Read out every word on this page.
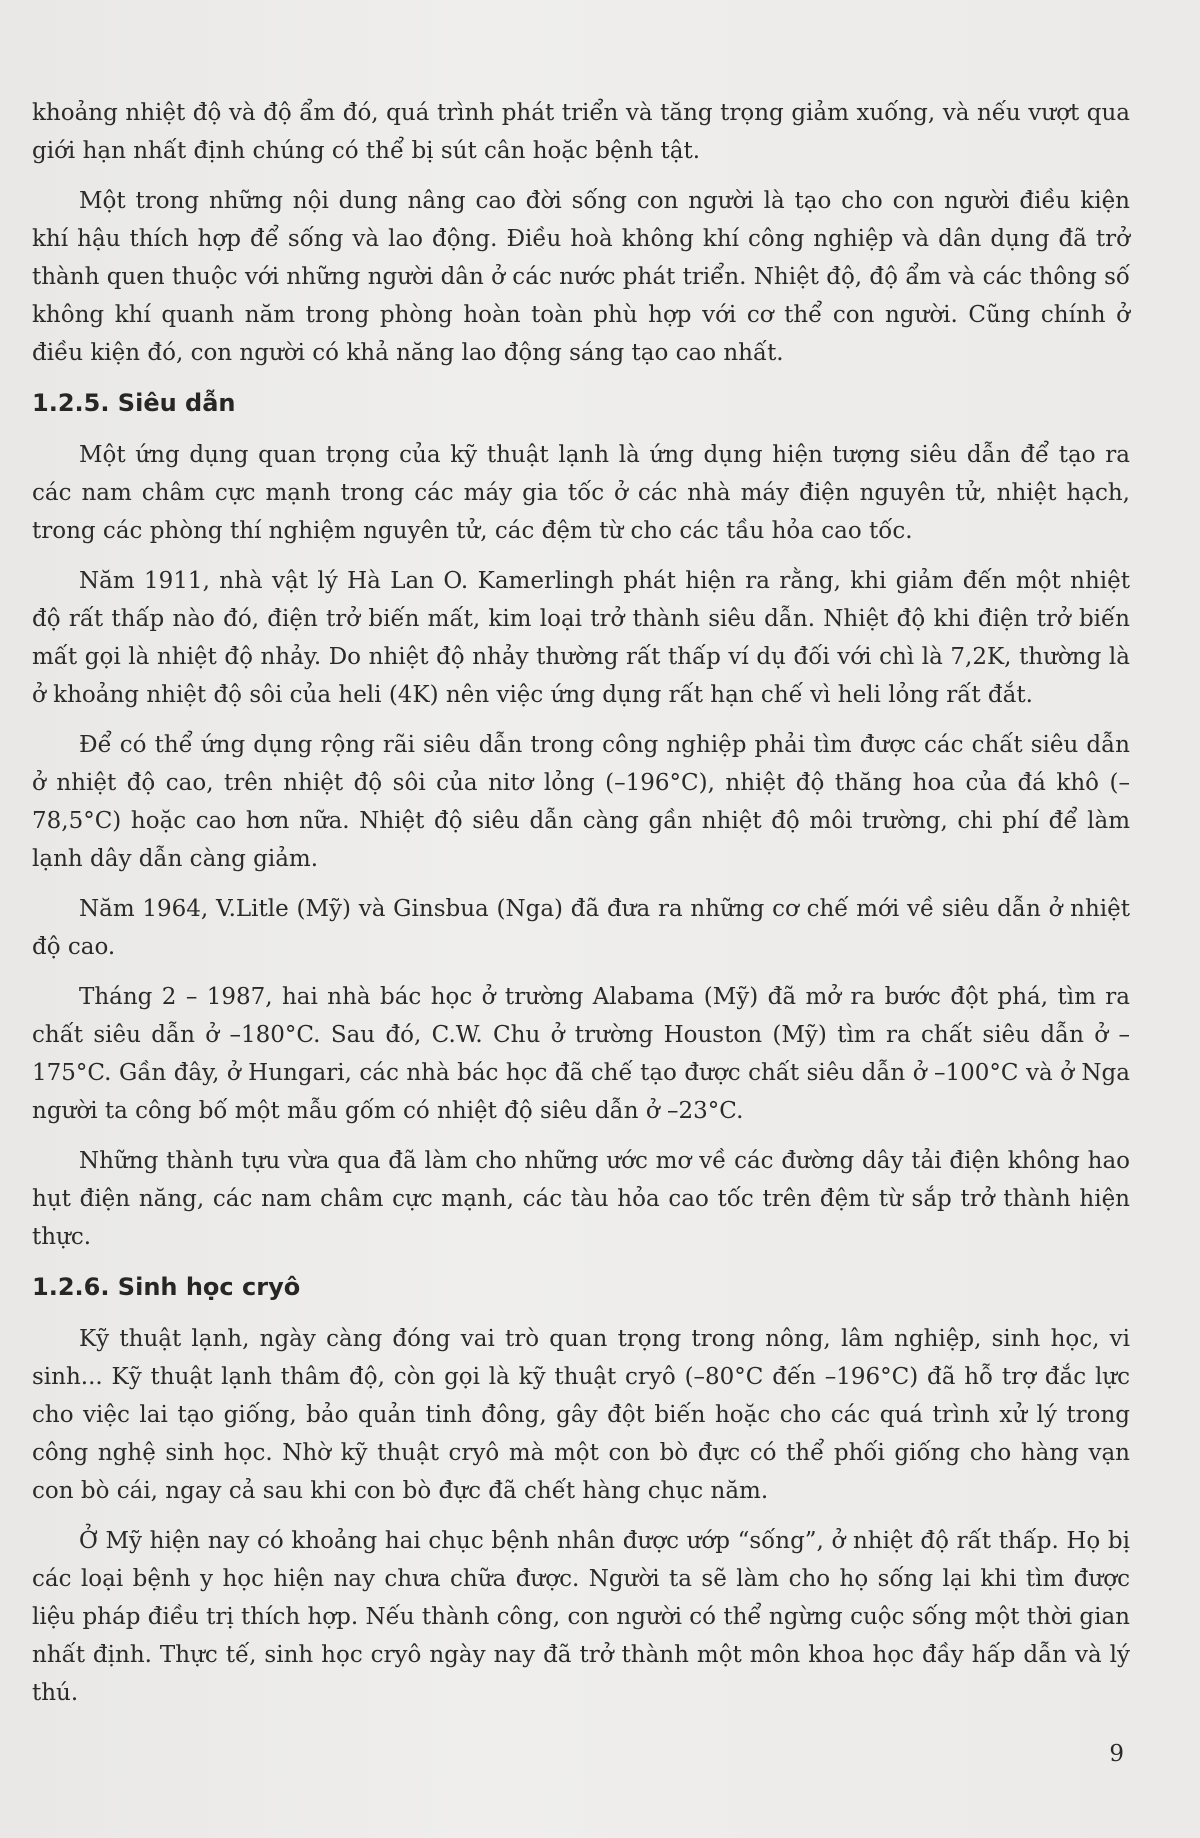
khoảng nhiệt độ và độ ẩm đó, quá trình phát triển và tăng trọng giảm xuống, và nếu vượt qua giới hạn nhất định chúng có thể bị sút cân hoặc bệnh tật.

Một trong những nội dung nâng cao đời sống con người là tạo cho con người điều kiện khí hậu thích hợp để sống và lao động. Điều hoà không khí công nghiệp và dân dụng đã trở thành quen thuộc với những người dân ở các nước phát triển. Nhiệt độ, độ ẩm và các thông số không khí quanh năm trong phòng hoàn toàn phù hợp với cơ thể con người. Cũng chính ở điều kiện đó, con người có khả năng lao động sáng tạo cao nhất.

1.2.5. Siêu dẫn

Một ứng dụng quan trọng của kỹ thuật lạnh là ứng dụng hiện tượng siêu dẫn để tạo ra các nam châm cực mạnh trong các máy gia tốc ở các nhà máy điện nguyên tử, nhiệt hạch, trong các phòng thí nghiệm nguyên tử, các đệm từ cho các tầu hỏa cao tốc.

Năm 1911, nhà vật lý Hà Lan O. Kamerlingh phát hiện ra rằng, khi giảm đến một nhiệt độ rất thấp nào đó, điện trở biến mất, kim loại trở thành siêu dẫn. Nhiệt độ khi điện trở biến mất gọi là nhiệt độ nhảy. Do nhiệt độ nhảy thường rất thấp ví dụ đối với chì là 7,2K, thường là ở khoảng nhiệt độ sôi của heli (4K) nên việc ứng dụng rất hạn chế vì heli lỏng rất đắt.

Để có thể ứng dụng rộng rãi siêu dẫn trong công nghiệp phải tìm được các chất siêu dẫn ở nhiệt độ cao, trên nhiệt độ sôi của nitơ lỏng (–196°C), nhiệt độ thăng hoa của đá khô (–78,5°C) hoặc cao hơn nữa. Nhiệt độ siêu dẫn càng gần nhiệt độ môi trường, chi phí để làm lạnh dây dẫn càng giảm.

Năm 1964, V.Litle (Mỹ) và Ginsbua (Nga) đã đưa ra những cơ chế mới về siêu dẫn ở nhiệt độ cao.

Tháng 2 – 1987, hai nhà bác học ở trường Alabama (Mỹ) đã mở ra bước đột phá, tìm ra chất siêu dẫn ở –180°C. Sau đó, C.W. Chu ở trường Houston (Mỹ) tìm ra chất siêu dẫn ở –175°C. Gần đây, ở Hungari, các nhà bác học đã chế tạo được chất siêu dẫn ở –100°C và ở Nga người ta công bố một mẫu gốm có nhiệt độ siêu dẫn ở –23°C.

Những thành tựu vừa qua đã làm cho những ước mơ về các đường dây tải điện không hao hụt điện năng, các nam châm cực mạnh, các tàu hỏa cao tốc trên đệm từ sắp trở thành hiện thực.

1.2.6. Sinh học cryô

Kỹ thuật lạnh, ngày càng đóng vai trò quan trọng trong nông, lâm nghiệp, sinh học, vi sinh... Kỹ thuật lạnh thâm độ, còn gọi là kỹ thuật cryô (–80°C đến –196°C) đã hỗ trợ đắc lực cho việc lai tạo giống, bảo quản tinh đông, gây đột biến hoặc cho các quá trình xử lý trong công nghệ sinh học. Nhờ kỹ thuật cryô mà một con bò đực có thể phối giống cho hàng vạn con bò cái, ngay cả sau khi con bò đực đã chết hàng chục năm.

Ở Mỹ hiện nay có khoảng hai chục bệnh nhân được ướp “sống”, ở nhiệt độ rất thấp. Họ bị các loại bệnh y học hiện nay chưa chữa được. Người ta sẽ làm cho họ sống lại khi tìm được liệu pháp điều trị thích hợp. Nếu thành công, con người có thể ngừng cuộc sống một thời gian nhất định. Thực tế, sinh học cryô ngày nay đã trở thành một môn khoa học đầy hấp dẫn và lý thú.

9
